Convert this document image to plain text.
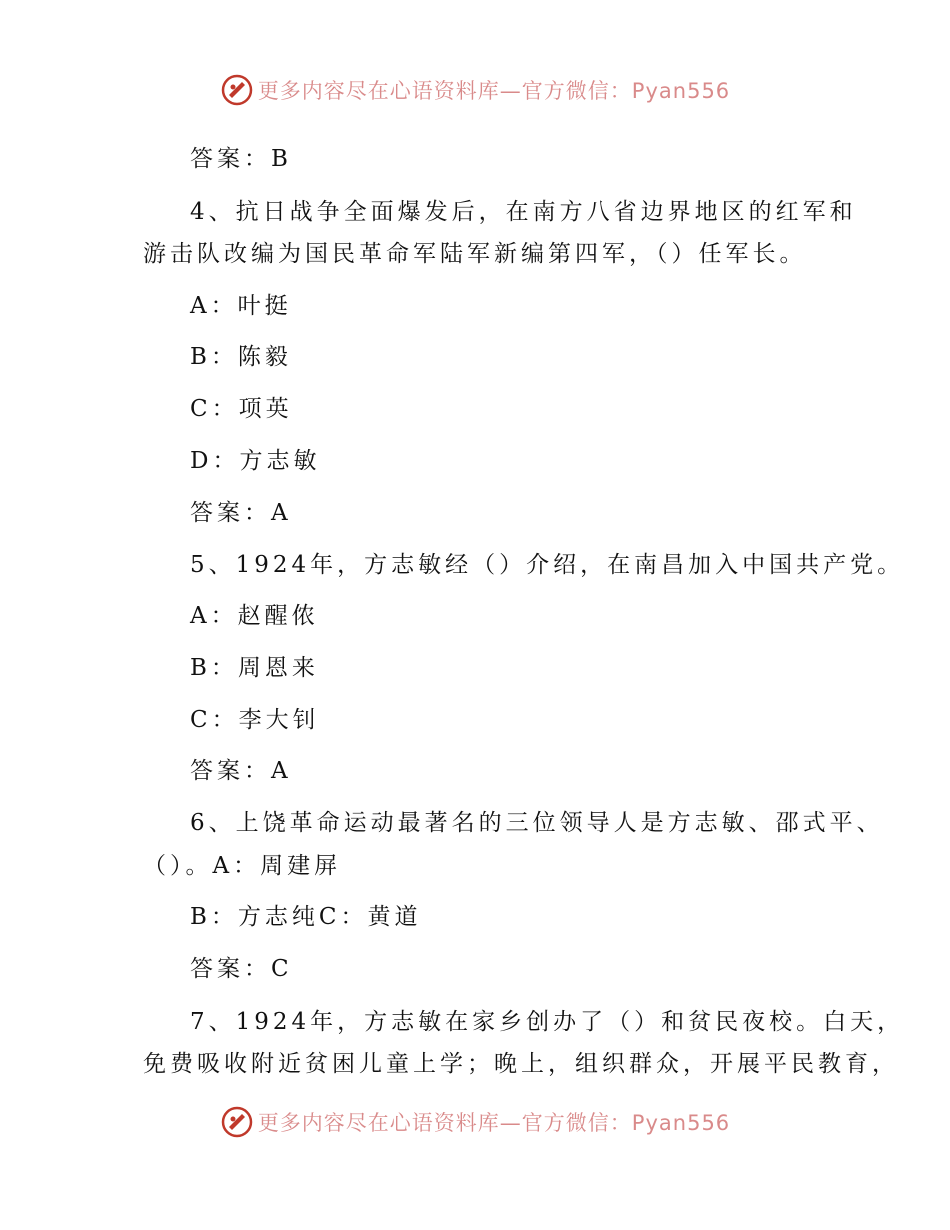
更多内容尽在心语资料库—官方微信：Pyan556
答案：B
4、抗日战争全面爆发后，在南方八省边界地区的红军和
游击队改编为国民革命军陆军新编第四军，（）任军长。
A：叶挺
B：陈毅
C：项英
D：方志敏
答案：A
5、1924年，方志敏经（）介绍，在南昌加入中国共产党。
A：赵醒侬
B：周恩来
C：李大钊
答案：A
6、上饶革命运动最著名的三位领导人是方志敏、邵式平、
（）。A：周建屏
B：方志纯C：黄道
答案：C
7、1924年，方志敏在家乡创办了（）和贫民夜校。白天，
免费吸收附近贫困儿童上学；晚上，组织群众，开展平民教育，
更多内容尽在心语资料库—官方微信：Pyan556
